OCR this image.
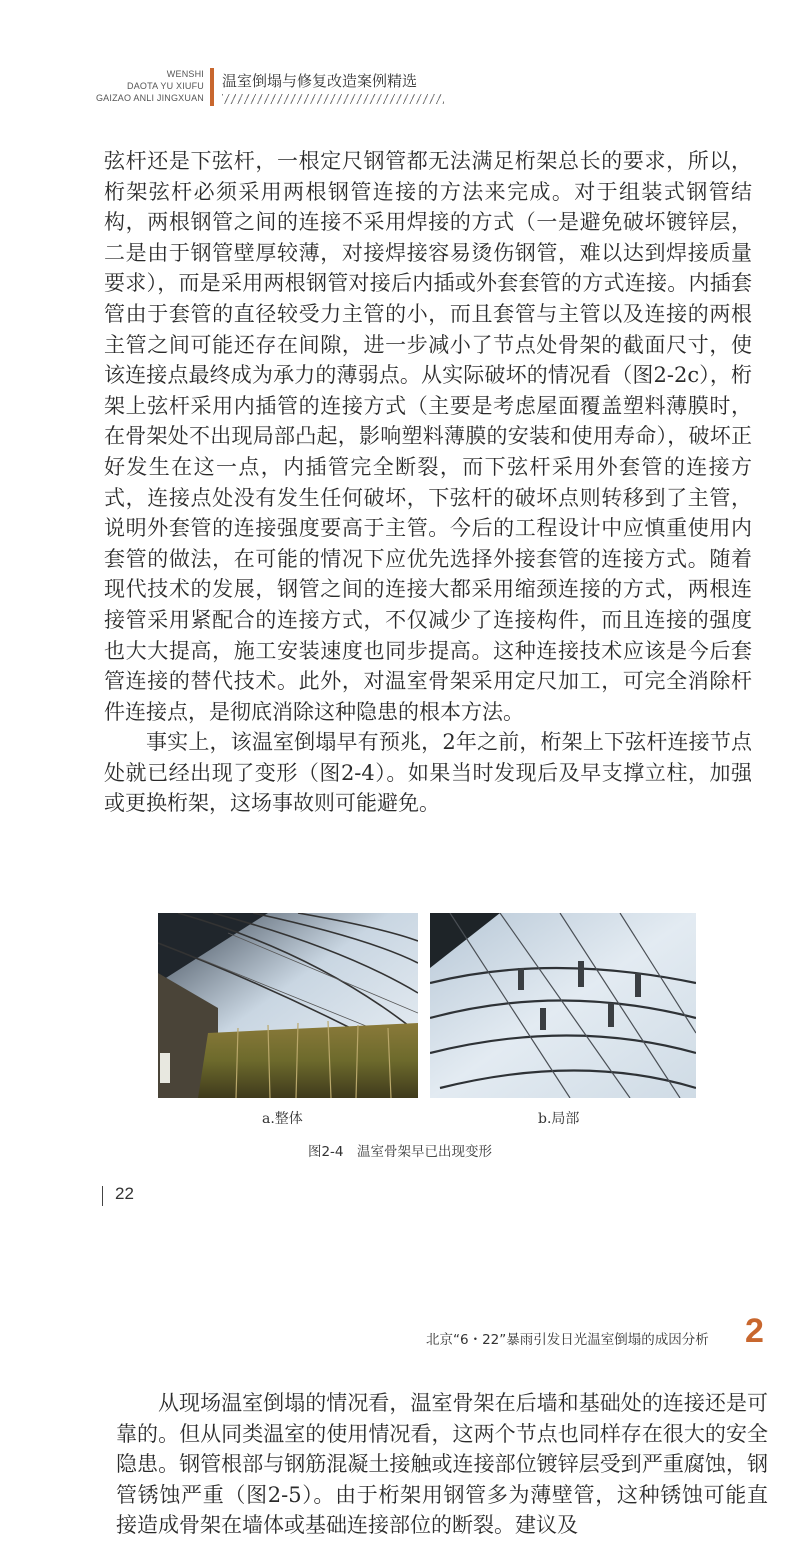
WENSHI
DAOTA YU XIUFU
GAIZAO ANLI JINGXUAN
温室倒塌与修复改造案例精选

弦杆还是下弦杆，一根定尺钢管都无法满足桁架总长的要求，所以，桁架弦杆必须采用两根钢管连接的方法来完成。对于组装式钢管结构，两根钢管之间的连接不采用焊接的方式（一是避免破坏镀锌层，二是由于钢管壁厚较薄，对接焊接容易烫伤钢管，难以达到焊接质量要求），而是采用两根钢管对接后内插或外套套管的方式连接。内插套管由于套管的直径较受力主管的小，而且套管与主管以及连接的两根主管之间可能还存在间隙，进一步减小了节点处骨架的截面尺寸，使该连接点最终成为承力的薄弱点。从实际破坏的情况看（图2-2c），桁架上弦杆采用内插管的连接方式（主要是考虑屋面覆盖塑料薄膜时，在骨架处不出现局部凸起，影响塑料薄膜的安装和使用寿命），破坏正好发生在这一点，内插管完全断裂，而下弦杆采用外套管的连接方式，连接点处没有发生任何破坏，下弦杆的破坏点则转移到了主管，说明外套管的连接强度要高于主管。今后的工程设计中应慎重使用内套管的做法，在可能的情况下应优先选择外接套管的连接方式。随着现代技术的发展，钢管之间的连接大都采用缩颈连接的方式，两根连接管采用紧配合的连接方式，不仅减少了连接构件，而且连接的强度也大大提高，施工安装速度也同步提高。这种连接技术应该是今后套管连接的替代技术。此外，对温室骨架采用定尺加工，可完全消除杆件连接点，是彻底消除这种隐患的根本方法。

事实上，该温室倒塌早有预兆，2年之前，桁架上下弦杆连接节点处就已经出现了变形（图2-4）。如果当时发现后及早支撑立柱，加强或更换桁架，这场事故则可能避免。

a.整体	b.局部
图2-4　温室骨架早已出现变形
22
北京“6・22”暴雨引发日光温室倒塌的成因分析 2

从现场温室倒塌的情况看，温室骨架在后墙和基础处的连接还是可靠的。但从同类温室的使用情况看，这两个节点也同样存在很大的安全隐患。钢管根部与钢筋混凝土接触或连接部位镀锌层受到严重腐蚀，钢管锈蚀严重（图2-5）。由于桁架用钢管多为薄壁管，这种锈蚀可能直接造成骨架在墙体或基础连接部位的断裂。建议及
